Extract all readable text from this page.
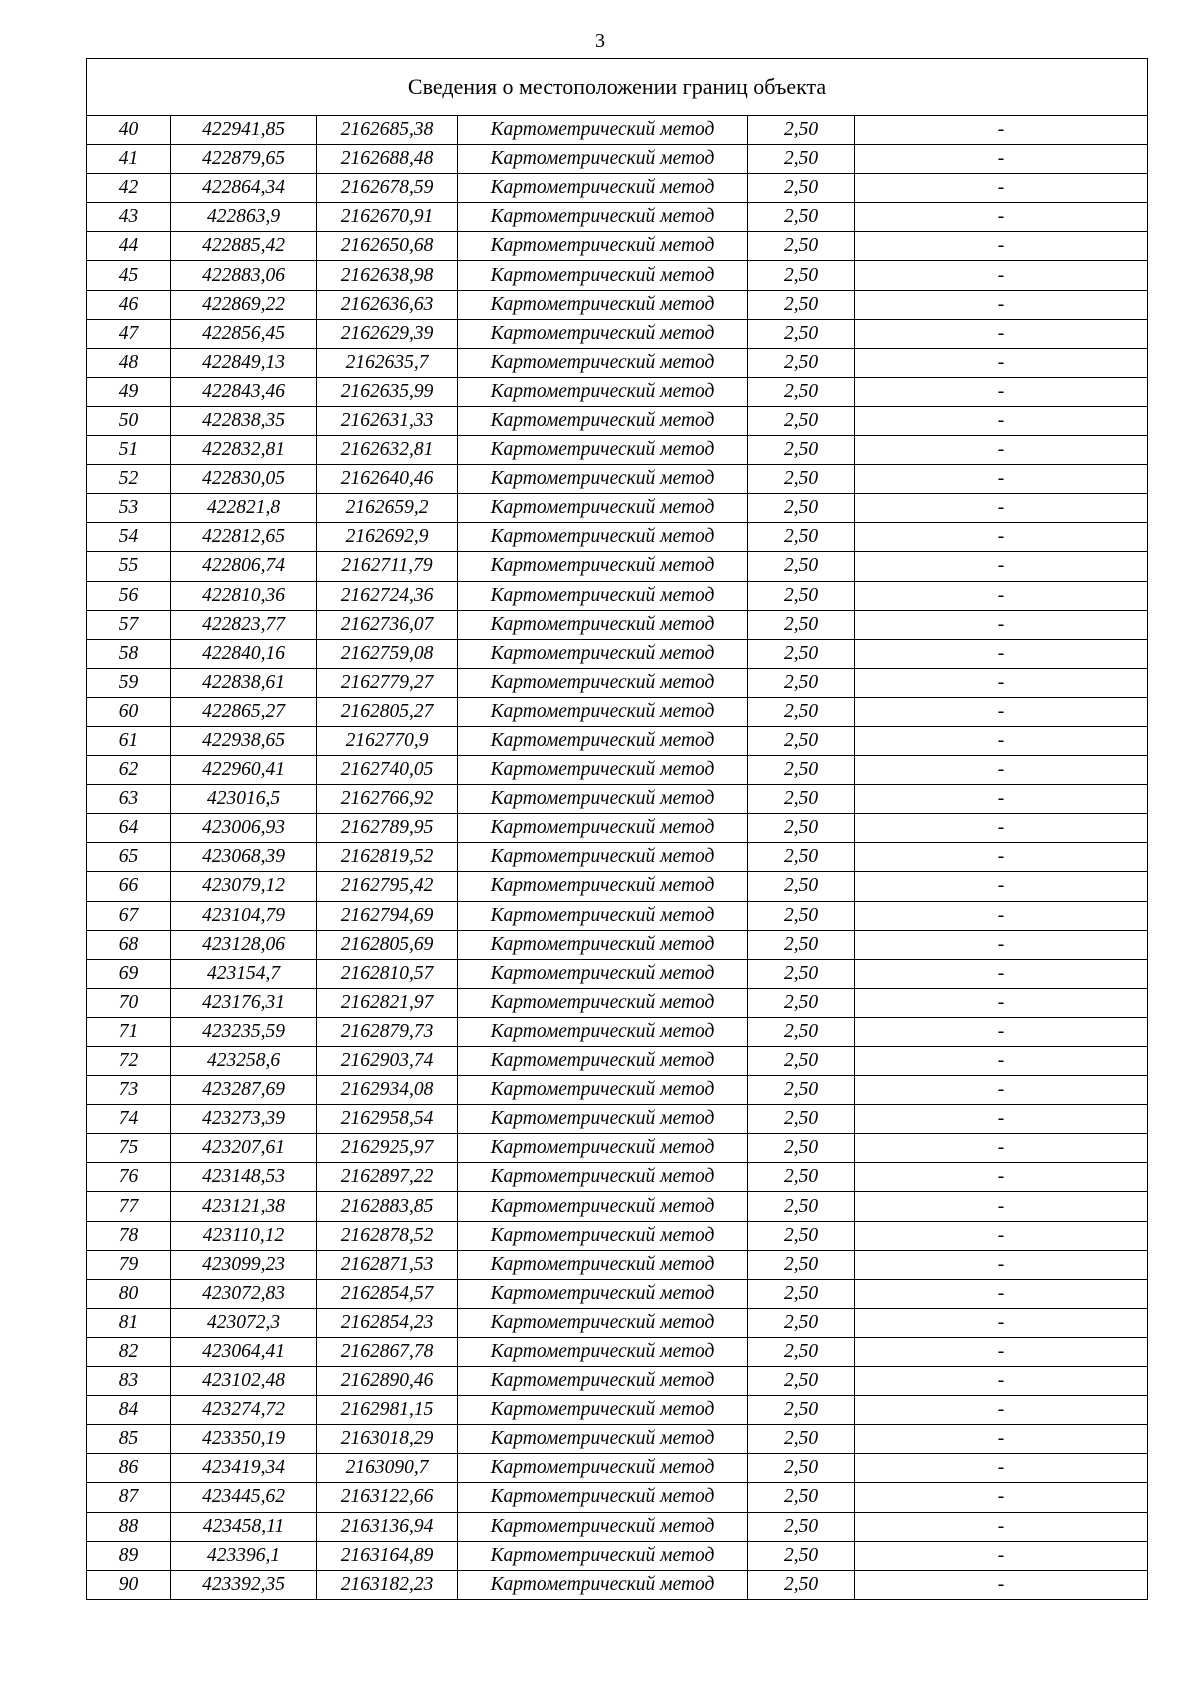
3
Сведения о местоположении границ объекта					
40	422941,85	2162685,38	Картометрический метод	2,50	-
41	422879,65	2162688,48	Картометрический метод	2,50	-
42	422864,34	2162678,59	Картометрический метод	2,50	-
43	422863,9	2162670,91	Картометрический метод	2,50	-
44	422885,42	2162650,68	Картометрический метод	2,50	-
45	422883,06	2162638,98	Картометрический метод	2,50	-
46	422869,22	2162636,63	Картометрический метод	2,50	-
47	422856,45	2162629,39	Картометрический метод	2,50	-
48	422849,13	2162635,7	Картометрический метод	2,50	-
49	422843,46	2162635,99	Картометрический метод	2,50	-
50	422838,35	2162631,33	Картометрический метод	2,50	-
51	422832,81	2162632,81	Картометрический метод	2,50	-
52	422830,05	2162640,46	Картометрический метод	2,50	-
53	422821,8	2162659,2	Картометрический метод	2,50	-
54	422812,65	2162692,9	Картометрический метод	2,50	-
55	422806,74	2162711,79	Картометрический метод	2,50	-
56	422810,36	2162724,36	Картометрический метод	2,50	-
57	422823,77	2162736,07	Картометрический метод	2,50	-
58	422840,16	2162759,08	Картометрический метод	2,50	-
59	422838,61	2162779,27	Картометрический метод	2,50	-
60	422865,27	2162805,27	Картометрический метод	2,50	-
61	422938,65	2162770,9	Картометрический метод	2,50	-
62	422960,41	2162740,05	Картометрический метод	2,50	-
63	423016,5	2162766,92	Картометрический метод	2,50	-
64	423006,93	2162789,95	Картометрический метод	2,50	-
65	423068,39	2162819,52	Картометрический метод	2,50	-
66	423079,12	2162795,42	Картометрический метод	2,50	-
67	423104,79	2162794,69	Картометрический метод	2,50	-
68	423128,06	2162805,69	Картометрический метод	2,50	-
69	423154,7	2162810,57	Картометрический метод	2,50	-
70	423176,31	2162821,97	Картометрический метод	2,50	-
71	423235,59	2162879,73	Картометрический метод	2,50	-
72	423258,6	2162903,74	Картометрический метод	2,50	-
73	423287,69	2162934,08	Картометрический метод	2,50	-
74	423273,39	2162958,54	Картометрический метод	2,50	-
75	423207,61	2162925,97	Картометрический метод	2,50	-
76	423148,53	2162897,22	Картометрический метод	2,50	-
77	423121,38	2162883,85	Картометрический метод	2,50	-
78	423110,12	2162878,52	Картометрический метод	2,50	-
79	423099,23	2162871,53	Картометрический метод	2,50	-
80	423072,83	2162854,57	Картометрический метод	2,50	-
81	423072,3	2162854,23	Картометрический метод	2,50	-
82	423064,41	2162867,78	Картометрический метод	2,50	-
83	423102,48	2162890,46	Картометрический метод	2,50	-
84	423274,72	2162981,15	Картометрический метод	2,50	-
85	423350,19	2163018,29	Картометрический метод	2,50	-
86	423419,34	2163090,7	Картометрический метод	2,50	-
87	423445,62	2163122,66	Картометрический метод	2,50	-
88	423458,11	2163136,94	Картометрический метод	2,50	-
89	423396,1	2163164,89	Картометрический метод	2,50	-
90	423392,35	2163182,23	Картометрический метод	2,50	-
